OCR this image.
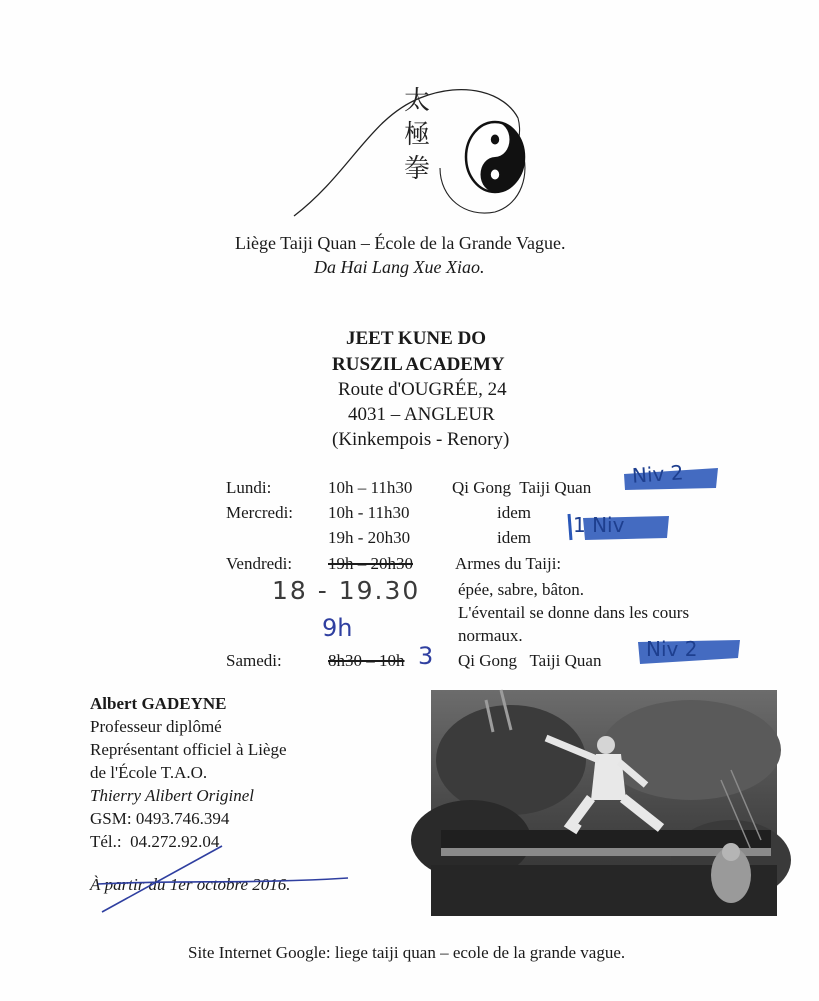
太
極
拳
Liège Taiji Quan – École de la Grande Vague.
Da Hai Lang Xue Xiao.
JEET KUNE DO
RUSZIL ACADEMY
Route d'OUGRÉE, 24
4031 – ANGLEUR
(Kinkempois - Renory)
Lundi:	10h – 11h30 Qi Gong  Taiji Quan Niv 2
Mercredi: 10h - 11h30	idem
1 Niv
19h - 20h30	idem
Vendredi: 19h – 20h30 Armes du Taiji:
18 - 19.30 épée, sabre, bâton.
L'éventail se donne dans les cours
normaux.
9h
Samedi:	8h30 – 10h 3 Qi Gong   Taiji Quan Niv 2
Albert GADEYNE
Professeur diplômé
Représentant officiel à Liège
de l'École T.A.O.
Thierry Alibert Originel
GSM: 0493.746.394
Tél.:  04.272.92.04
À partir du 1er octobre 2016.
Site Internet Google: liege taiji quan – ecole de la grande vague.
